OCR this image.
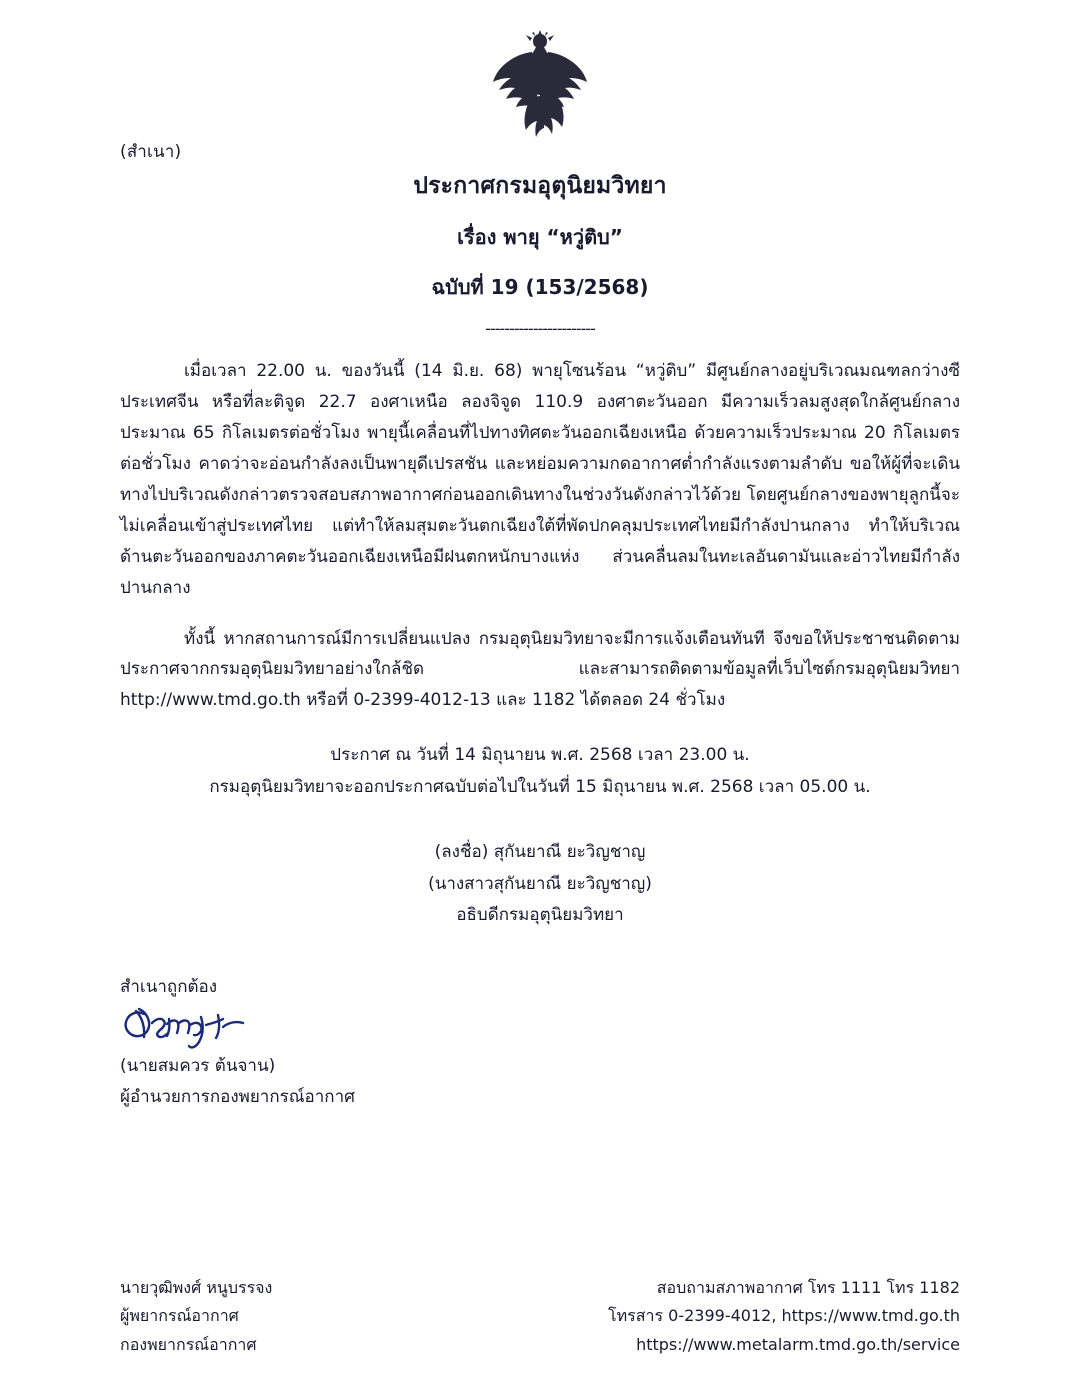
(สำเนา)
ประกาศกรมอุตุนิยมวิทยา
เรื่อง พายุ “หวู่ติบ”
ฉบับที่ 19 (153/2568)
-----------------------

เมื่อเวลา 22.00 น. ของวันนี้ (14 มิ.ย. 68) พายุโซนร้อน “หวู่ติบ” มีศูนย์กลางอยู่บริเวณมณฑลกว่างซี ประเทศจีน หรือที่ละติจูด 22.7 องศาเหนือ ลองจิจูด 110.9 องศาตะวันออก มีความเร็วลมสูงสุดใกล้ศูนย์กลางประมาณ 65 กิโลเมตรต่อชั่วโมง พายุนี้เคลื่อนที่ไปทางทิศตะวันออกเฉียงเหนือ ด้วยความเร็วประมาณ 20 กิโลเมตรต่อชั่วโมง คาดว่าจะอ่อนกำลังลงเป็นพายุดีเปรสชัน และหย่อมความกดอากาศต่ำกำลังแรงตามลำดับ ขอให้ผู้ที่จะเดินทางไปบริเวณดังกล่าวตรวจสอบสภาพอากาศก่อนออกเดินทางในช่วงวันดังกล่าวไว้ด้วย โดยศูนย์กลางของพายุลูกนี้จะไม่เคลื่อนเข้าสู่ประเทศไทย แต่ทำให้ลมสุมตะวันตกเฉียงใต้ที่พัดปกคลุมประเทศไทยมีกำลังปานกลาง ทำให้บริเวณด้านตะวันออกของภาคตะวันออกเฉียงเหนือมีฝนตกหนักบางแห่ง ส่วนคลื่นลมในทะเลอันดามันและอ่าวไทยมีกำลังปานกลาง

ทั้งนี้ หากสถานการณ์มีการเปลี่ยนแปลง กรมอุตุนิยมวิทยาจะมีการแจ้งเตือนทันที จึงขอให้ประชาชนติดตามประกาศจากกรมอุตุนิยมวิทยาอย่างใกล้ชิด และสามารถติดตามข้อมูลที่เว็บไซต์กรมอุตุนิยมวิทยา http://www.tmd.go.th หรือที่ 0-2399-4012-13 และ 1182 ได้ตลอด 24 ชั่วโมง

ประกาศ ณ วันที่ 14 มิถุนายน พ.ศ. 2568 เวลา 23.00 น.
กรมอุตุนิยมวิทยาจะออกประกาศฉบับต่อไปในวันที่ 15 มิถุนายน พ.ศ. 2568 เวลา 05.00 น.
(ลงชื่อ) สุกันยาณี ยะวิญชาญ
(นางสาวสุกันยาณี ยะวิญชาญ)
อธิบดีกรมอุตุนิยมวิทยา
สำเนาถูกต้อง
(นายสมควร ต้นจาน)
ผู้อำนวยการกองพยากรณ์อากาศ
นายวุฒิพงศ์ หนูบรรจง
ผู้พยากรณ์อากาศ
กองพยากรณ์อากาศ
สอบถามสภาพอากาศ โทร 1111 โทร 1182
โทรสาร 0-2399-4012, https://www.tmd.go.th
https://www.metalarm.tmd.go.th/service
